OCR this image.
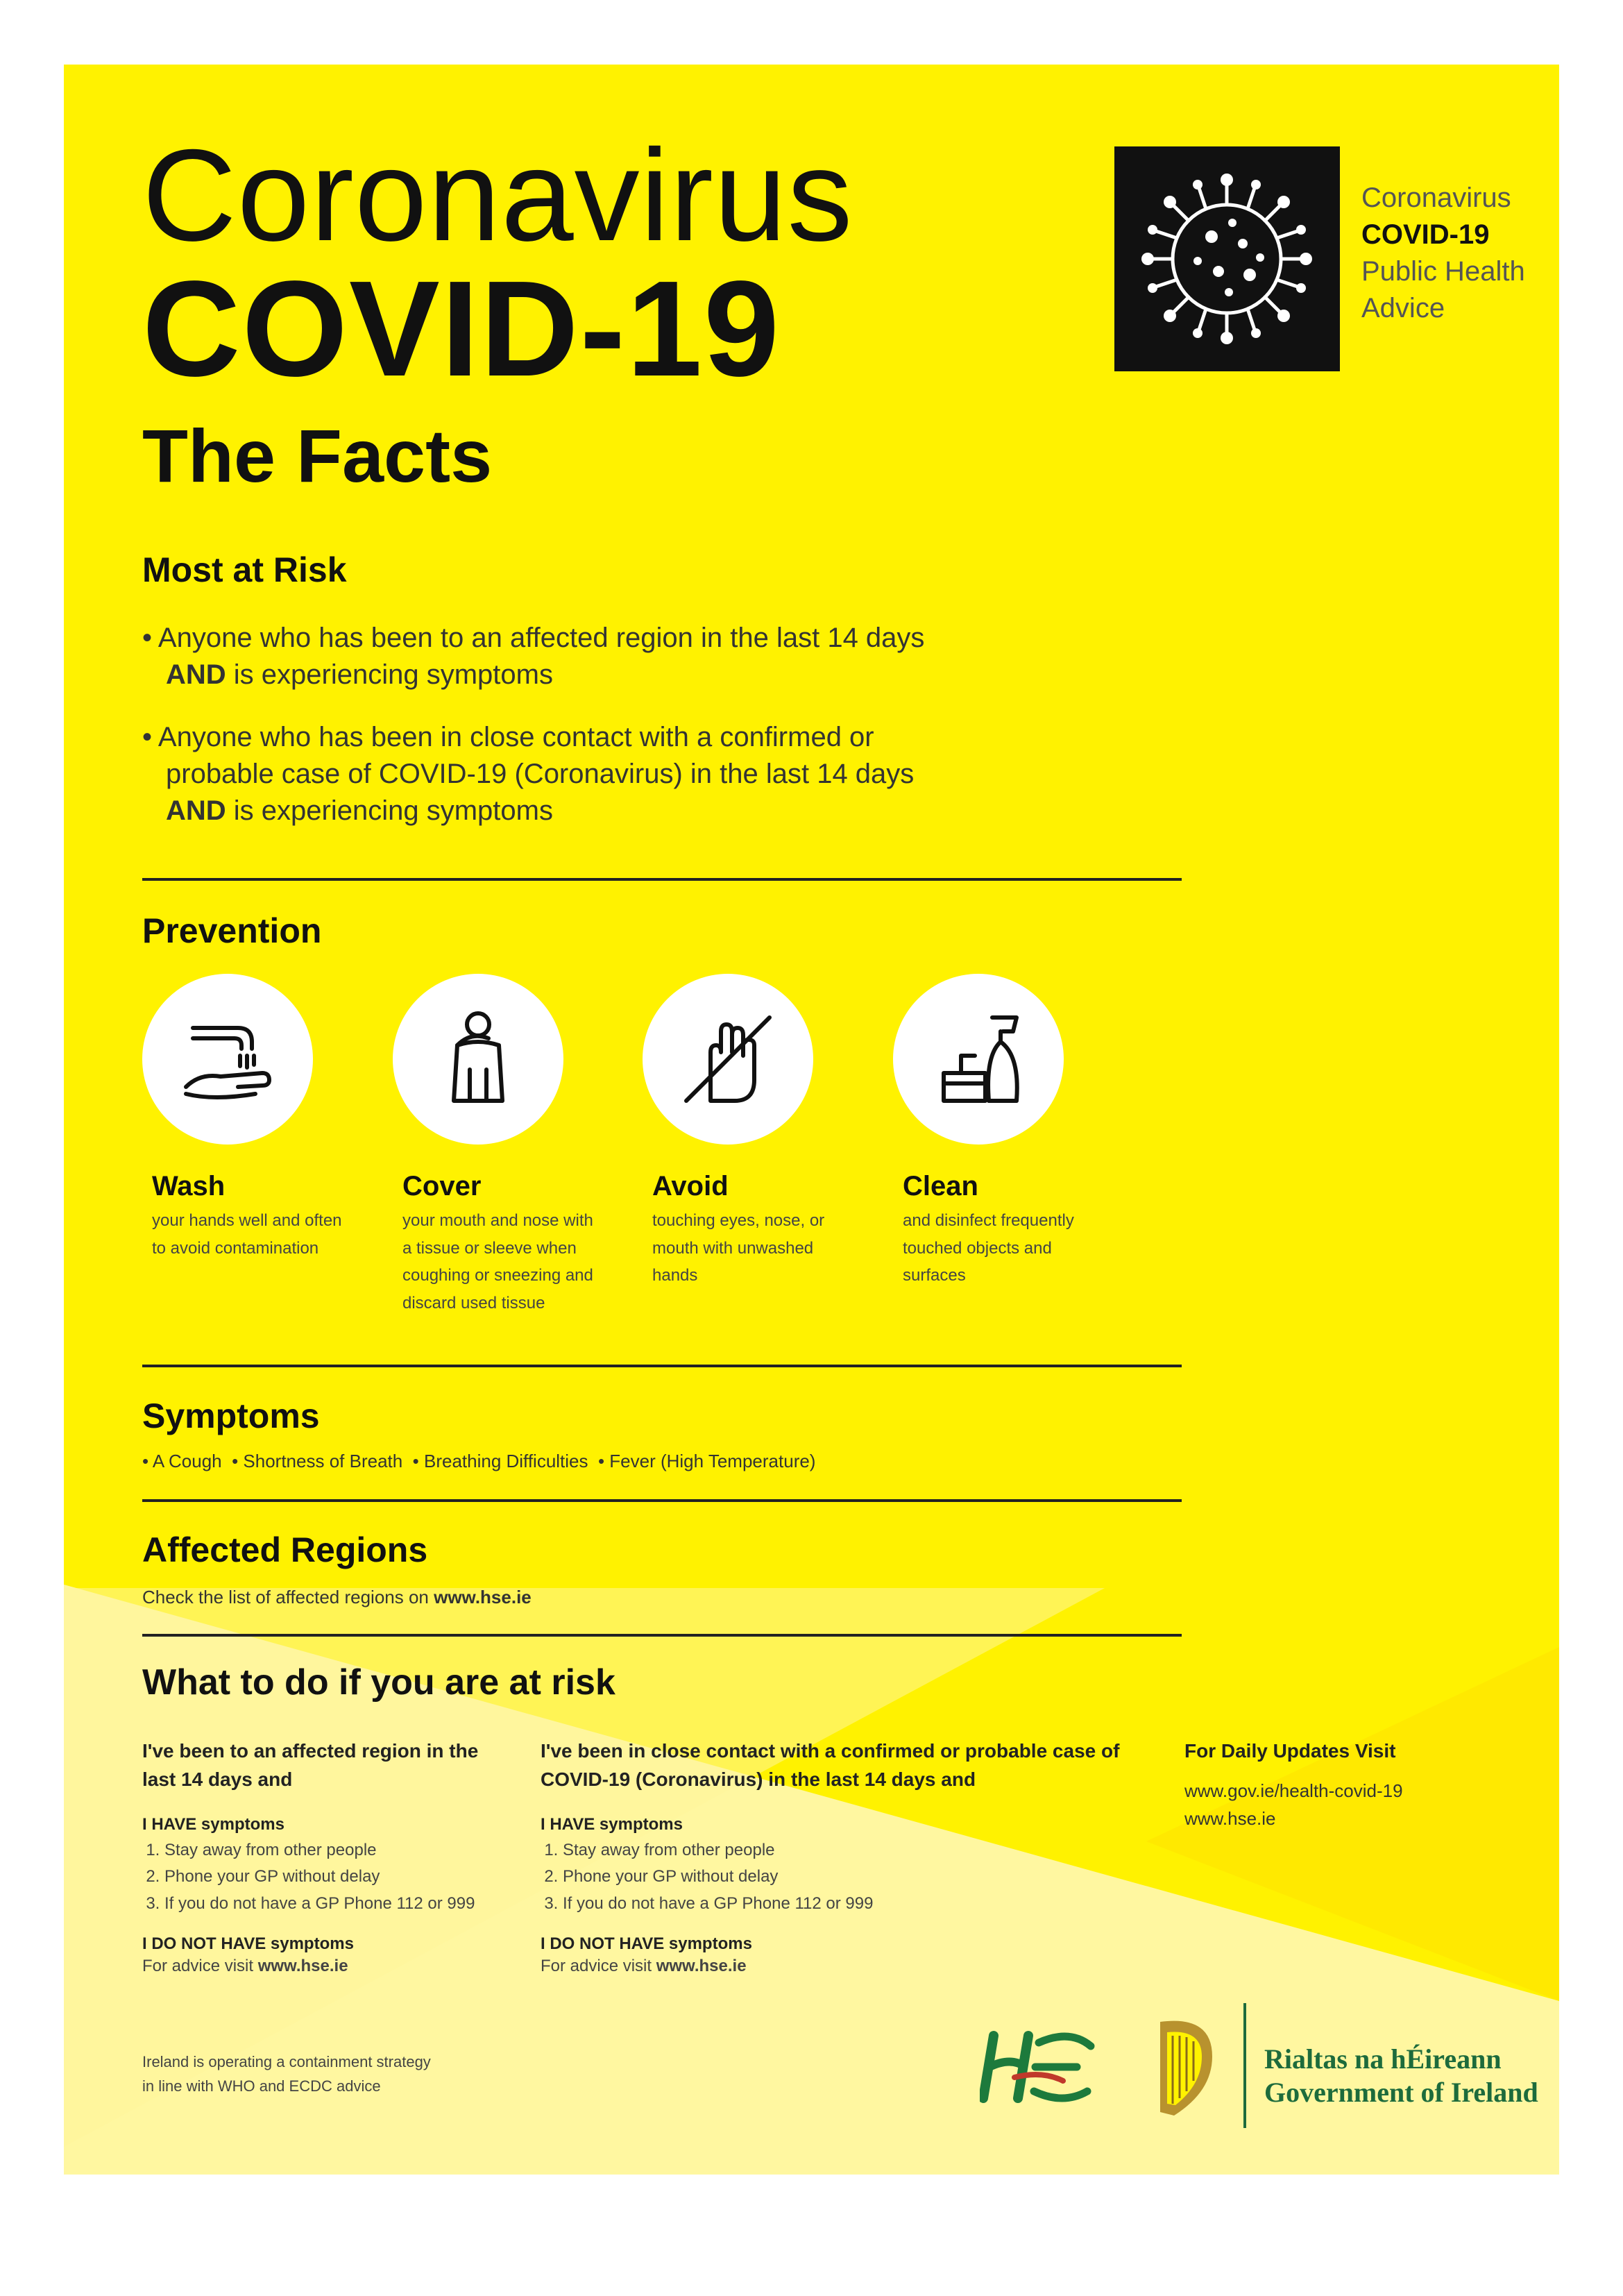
Coronavirus
COVID-19
The Facts
Coronavirus
COVID-19
Public Health
Advice
Most at Risk
• Anyone who has been to an affected region in the last 14 days
AND is experiencing symptoms
• Anyone who has been in close contact with a confirmed or
probable case of COVID-19 (Coronavirus) in the last 14 days
AND is experiencing symptoms
Prevention
Wash
your hands well and often to avoid contamination
Cover
your mouth and nose with a tissue or sleeve when coughing or sneezing and discard used tissue
Avoid
touching eyes, nose, or mouth with unwashed hands
Clean
and disinfect frequently touched objects and surfaces
Symptoms
• A Cough  • Shortness of Breath  • Breathing Difficulties  • Fever (High Temperature)
Affected Regions
Check the list of affected regions on www.hse.ie
What to do if you are at risk
I've been to an affected region in the last 14 days and
I HAVE symptoms
1. Stay away from other people
2. Phone your GP without delay
3. If you do not have a GP Phone 112 or 999
I DO NOT HAVE symptoms
For advice visit www.hse.ie
I've been in close contact with a confirmed or probable case of COVID-19 (Coronavirus) in the last 14 days and
I HAVE symptoms
1. Stay away from other people
2. Phone your GP without delay
3. If you do not have a GP Phone 112 or 999
I DO NOT HAVE symptoms
For advice visit www.hse.ie
For Daily Updates Visit
www.gov.ie/health-covid-19
www.hse.ie
Ireland is operating a containment strategy
in line with WHO and ECDC advice
Rialtas na hÉireann
Government of Ireland
